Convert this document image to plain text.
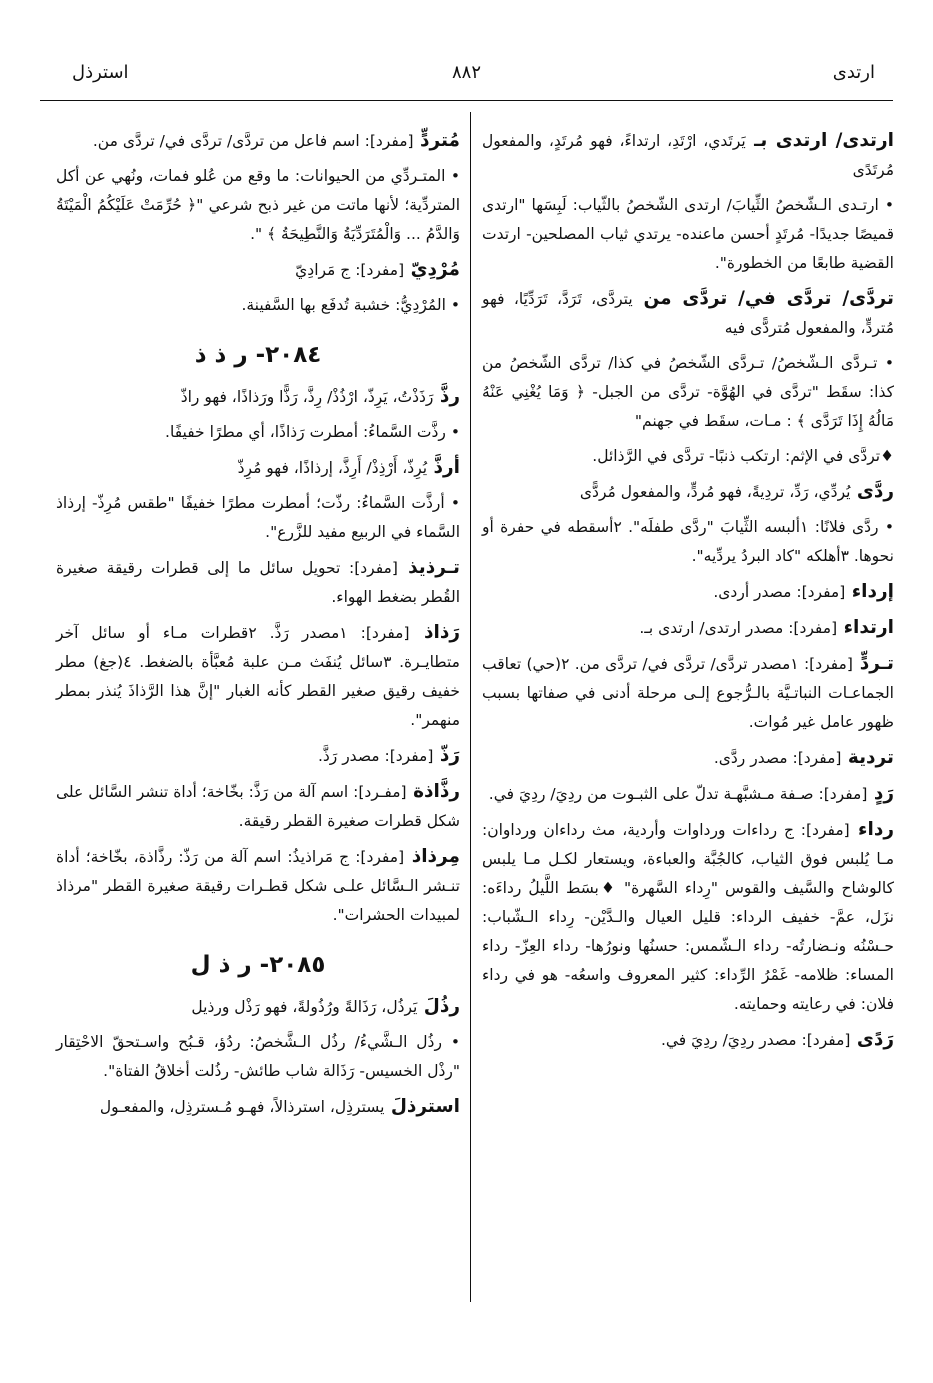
ارتدى
٨٨٢
استرذل

ارتدى/ ارتدى بـ يَرتَدي، ارْتَدِ، ارتداءً، فهو مُرتَدٍ، والمفعول مُرتَدًى

• ارتـدى الـشّخصُ الثِّيابَ/ ارتدى الشّخصُ بالثّياب: لَبِسَها "ارتدى قميصًا جديدًا- مُرتَدٍ أحسن ماعنده- يرتدي ثياب المصلحين- ارتدت القضية طابعًا من الخطورة".

تردَّى/ تردَّى في/ تردَّى من يتردَّى، تَرَدَّ، تَرَدِّيًا، فهو مُتردٍّ، والمفعول مُتردًّى فيه

• تـردَّى الـشّخصُ/ تـردَّى الشّخصُ في كذا/ تردَّى الشّخصُ من كذا: سقَط "تردَّى في الهُوَّة- تردَّى من الجبل- ﴿ وَمَا يُغْنِي عَنْهُ مَالُهُ إِذَا تَرَدَّى ﴾ : مـات، سقَط في جهنم"

♦تردَّى في الإثم: ارتكب ذنبًا- تردَّى في الرَّذائل.

ردَّى يُردِّي، رَدِّ، تردِيةً، فهو مُردٍّ، والمفعول مُردًّى

• ردَّى فلانًا: ١ألبسه الثِّيابَ "ردَّى طفلَه". ٢أسقطه في حفرة أو نحوها. ٣أهلكه "كاد البردُ يردِّيه".

إرداء [مفرد]: مصدر أردى.

ارتداء [مفرد]: مصدر ارتدى/ ارتدى بـ.

تـردٍّ [مفرد]: ١مصدر تردَّى/ تردَّى في/ تردَّى من. ٢(حي) تعاقب الجماعـات النباتـيَّة بالـرُّجوع إلـى مرحلة أدنى في صفاتها بسبب ظهور عامل غير مُوات.

تردية [مفرد]: مصدر ردَّى.

رَدٍ [مفرد]: صـفة مـشبَّهـة تدلّ على الثبـوت من ردِيَ/ ردِيَ في.

رداء [مفرد]: ج رداءات ورداوات وأردية، مث رداءان ورداوان: مـا يُلبس فوق الثياب، كالجُبَّة والعباءة، ويستعار لكـل مـا يلبس كالوشاح والسَّيف والقوس "رِداء السَّهرة" ♦بسَط اللَّيلُ رداءَه: نزَل، عمَّ- خفيف الرداء: قليل العيال والـدَّيْن- رِداء الـشّباب: حـسْنُه ونـضارتُه- رداء الـشّمس: حسنُها ونورُها- رداء العِزّ- رداء المساء: ظلامه- غَمْرُ الرِّداء: كثير المعروف واسعُه- هو في رداء فلان: في رعايته وحمايته.

رَدًى [مفرد]: مصدر ردِيَ/ ردِيَ في.

مُتردٍّ [مفرد]: اسم فاعل من تردَّى/ تردَّى في/ تردَّى من.

• المتـردِّي من الحيوانات: ما وقع من عُلو فمات، ونُهي عن أكل المتردِّية؛ لأنها ماتت من غير ذبح شرعي "﴿ حُرِّمَتْ عَلَيْكُمُ الْمَيْتَةُ وَالدَّمُ ... وَالْمُتَرَدِّيَةُ وَالنَّطِيحَةُ ﴾ ".

مُرْدِيّ [مفرد]: ج مَرادِيّ

• المُرْدِيُّ: خشبة تُدفَع بها السَّفينة.

٢٠٨٤- ر ذ ذ

رذَّ رَذَذْتُ، يَرِذّ، ارْذُذْ/ رِذَّ، رَذًّا ورَذاذًا، فهو راذّ

• رذَّت السَّماءُ: أمطرت رَذاذًا، أي مطرًا خفيفًا.

أرذَّ يُرِذّ، أَرْذِذْ/ أَرِذَّ، إرذاذًا، فهو مُرِذّ

• أرذَّت السَّماءُ: رذّت؛ أمطرت مطرًا خفيفًا "طقس مُرِذّ- إرذاذ السَّماء في الربيع مفيد للزَّرع".

تـرذيذ [مفرد]: تحويل سائل ما إلى قطرات رقيقة صغيرة القُطر بضغط الهواء.

رَذاذ [مفرد]: ١مصدر رَذَّ. ٢قطرات مـاء أو سائل آخر متطايـرة. ٣سائل يُنفَث مـن علبة مُعبَّأة بالضغط. ٤(جغ) مطر خفيف رقيق صغير القطر كأنه الغبار "إنَّ هذا الرَّذاذَ يُنذر بمطر منهمر".

رَذّ [مفرد]: مصدر رَذَّ.

رذَّاذة [مفـرد]: اسم آلة من رَذَّ: بخّاخة؛ أداة تنشر السَّائل على شكل قطرات صغيرة القطر رقيقة.

مِرذاذ [مفرد]: ج مَراذيذُ: اسم آلة من رَذّ: رذَّاذة، بخّاخة؛ أداة تنـشر الـسَّائل علـى شكل قطـرات رقيقة صغيرة القطر "مرذاذ لمبيدات الحشرات".

٢٠٨٥- ر ذ ل

رذُلَ يَرذُل، رَذَالةً ورُذُولةً، فهو رَذْل ورذيل

• رذُل الـشَّيءُ/ رذُل الـشَّخصُ: ردُؤ، قـبُح واسـتحقّ الاحْتِقار "رذْل الخسيس- رَذَالة شاب طائش- رذُلت أخلاقُ الفتاة".

استرذلَ يسترذِل، استرذالاً، فهـو مُـسترذِل، والمفعـول
